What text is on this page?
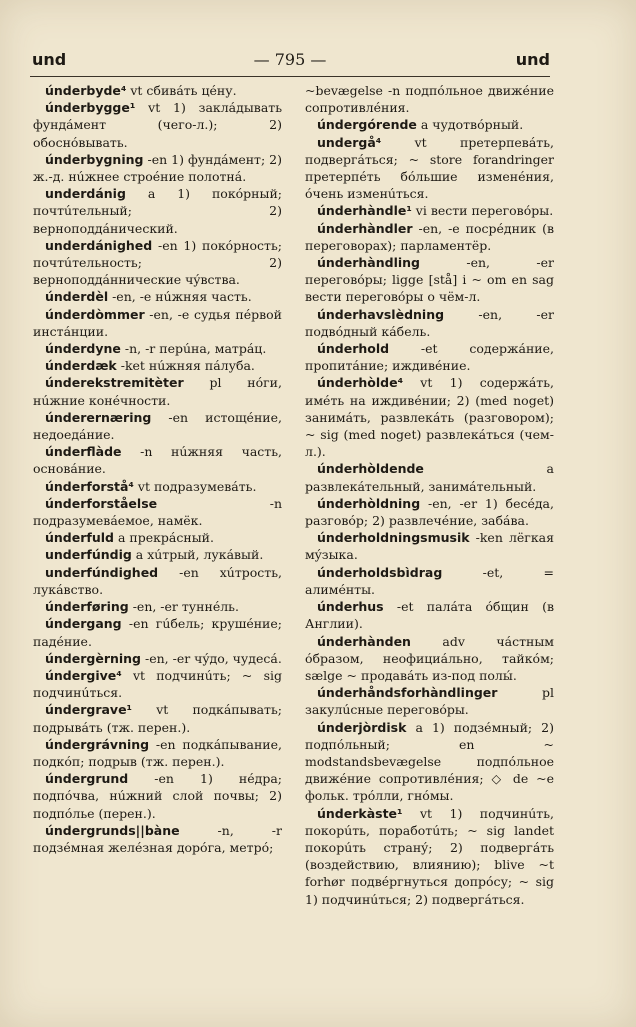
und	— 795 —	und

únderbyde⁴ vt сбивáть цéну.

únderbygge¹ vt 1) заклáдывать фундáмент (чего-л.); 2) обоснóвывать.

únderbygning -en 1) фундáмент; 2) ж.-д. нúжнее строéние полотнá.

underdánig a 1) покóрный; почтúтельный; 2) верноподдáнический.

underdánighed -en 1) покóрность; почтúтельность; 2) верноподдáннические чýвства.

únderdèl -en, -e нúжняя часть.

únderdòmmer -en, -e судья пéрвой инстáнции.

únderdyne -n, -r перúна, матрáц.

únderdæk -ket нúжняя пáлуба.

únderekstremitèter pl нóги, нúжние конéчности.

únderernæring -en истощéние, недоедáние.

únderflàde -n нúжняя часть, основáние.

únderforstå⁴ vt подразумевáть.

únderforståelse -n подразумевáемое, намёк.

únderfuld a прекрáсный.

underfúndig a хúтрый, лукáвый.

underfúndighed -en хúтрость, лукáвство.

únderføring -en, -er туннéль.

úndergang -en гúбель; крушéние; падéние.

úndergèrning -en, -er чýдо, чудесá.

úndergive⁴ vt подчинúть; ~ sig подчинúться.

úndergrave¹ vt подкáпывать; подрывáть (тж. перен.).

úndergrávning -en подкáпывание, подкóп; подрыв (тж. перен.).

úndergrund -en 1) нéдра; подпóчва, нúжний слой почвы; 2) подпóлье (перен.).

úndergrunds||bàne -n, -r подзéмная желéзная дорóга, метрó;

~bevægelse -n подпóльное движéние сопротивлéния.

úndergórende a чудотвóрный.

undergå⁴ vt претерпевáть, подвергáться; ~ store forandringer претерпéть бóльшие изменéния, óчень изменúться.

únderhàndle¹ vi вести перегово́ры.

únderhàndler -en, -e посрéдник (в переговорах); парламентёр.

únderhàndling -en, -er перегово́ры; ligge [stå] i ~ om en sag вести перегово́ры о чём-л.

únderhavslèdning -en, -er подвóдный кáбель.

únderhold -et содержáние, пропитáние; иждивéние.

únderhòlde⁴ vt 1) содержáть, имéть на иждивéнии; 2) (med noget) занимáть, развлекáть (разговором); ~ sig (med noget) развлекáться (чем-л.).

únderhòldende a развлекáтельный, занимáтельный.

únderhòldning -en, -er 1) бесéда, разговóр; 2) развлечéние, забáва.

únderholdningsmusik -ken лёгкая мýзыка.

únderholdsbìdrag -et, = алимéнты.

únderhus -et палáта óбщин (в Англии).

únderhànden adv чáстным óбразом, неофициáльно, тайкóм; sælge ~ продавáть из-под полы́.

únderhåndsforhàndlinger pl закулúсные перегово́ры.

únderjòrdisk a 1) подзéмный; 2) подпóльный; en ~ modstandsbevægelse подпóльное движéние сопротивлéния; ◇ de ~e фольк. трóлли, гнóмы.

únderkàste¹ vt 1) подчинúть, покорúть, поработúть; ~ sig landet покорúть странý; 2) подвергáть (воздействию, влиянию); blive ~t forhør подвéргнуться допрóсу; ~ sig 1) подчинúться; 2) подвергáться.
